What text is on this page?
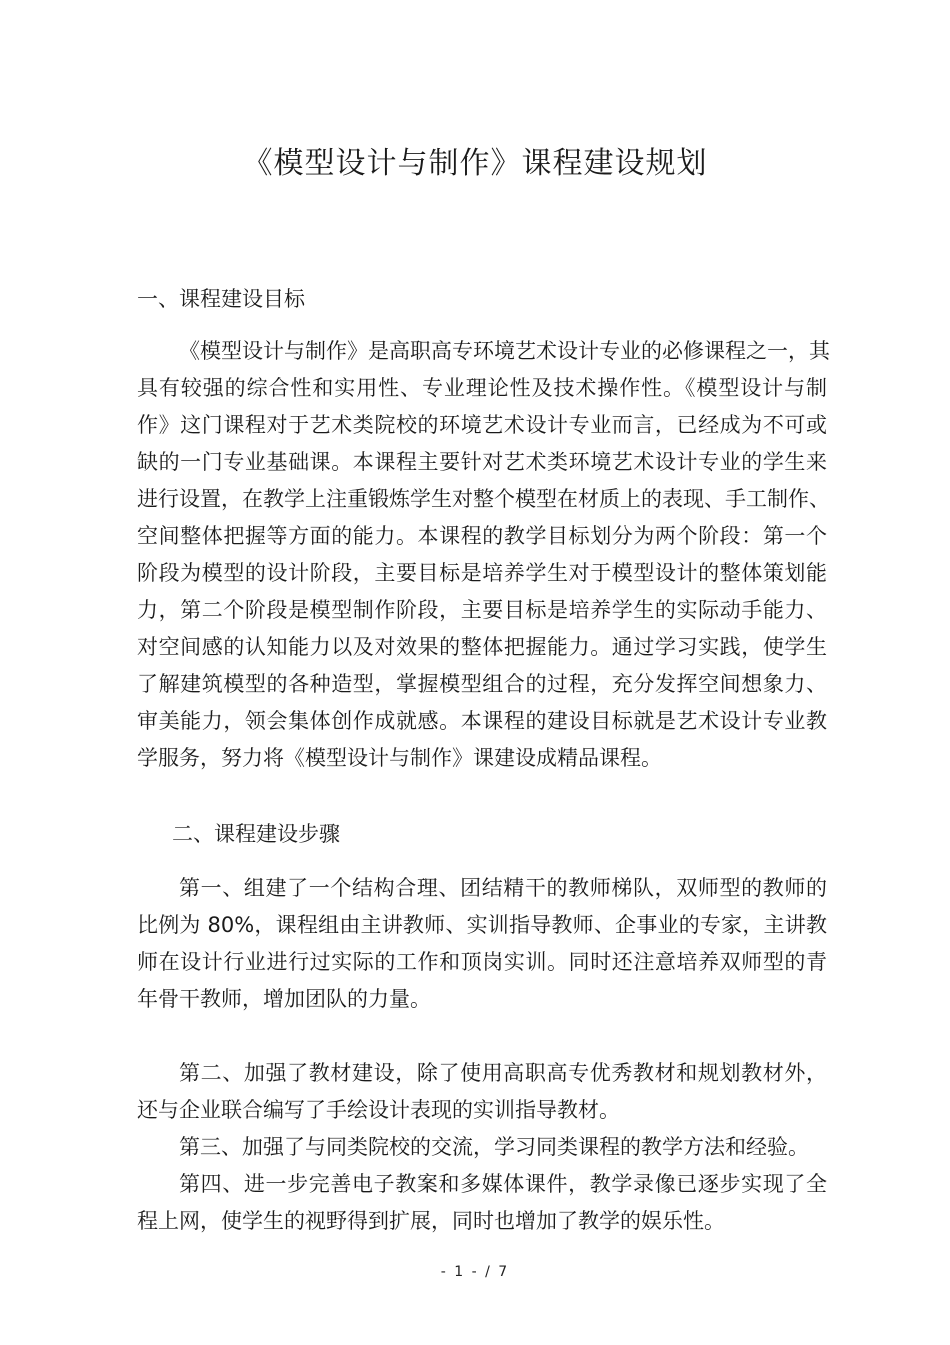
《模型设计与制作》课程建设规划
一、课程建设目标

《模型设计与制作》是高职高专环境艺术设计专业的必修课程之一，其
具有较强的综合性和实用性、专业理论性及技术操作性。《模型设计与制
作》这门课程对于艺术类院校的环境艺术设计专业而言，已经成为不可或
缺的一门专业基础课。本课程主要针对艺术类环境艺术设计专业的学生来
进行设置，在教学上注重锻炼学生对整个模型在材质上的表现、手工制作、
空间整体把握等方面的能力。本课程的教学目标划分为两个阶段：第一个
阶段为模型的设计阶段，主要目标是培养学生对于模型设计的整体策划能
力，第二个阶段是模型制作阶段，主要目标是培养学生的实际动手能力、
对空间感的认知能力以及对效果的整体把握能力。通过学习实践，使学生
了解建筑模型的各种造型，掌握模型组合的过程，充分发挥空间想象力、
审美能力，领会集体创作成就感。本课程的建设目标就是艺术设计专业教
学服务，努力将《模型设计与制作》课建设成精品课程。

二、课程建设步骤

第一、组建了一个结构合理、团结精干的教师梯队，双师型的教师的
比例为 80%，课程组由主讲教师、实训指导教师、企事业的专家，主讲教
师在设计行业进行过实际的工作和顶岗实训。同时还注意培养双师型的青
年骨干教师，增加团队的力量。

第二、加强了教材建设，除了使用高职高专优秀教材和规划教材外，
还与企业联合编写了手绘设计表现的实训指导教材。

第三、加强了与同类院校的交流，学习同类课程的教学方法和经验。

第四、进一步完善电子教案和多媒体课件，教学录像已逐步实现了全
程上网，使学生的视野得到扩展，同时也增加了教学的娱乐性。

- 1 - / 7
